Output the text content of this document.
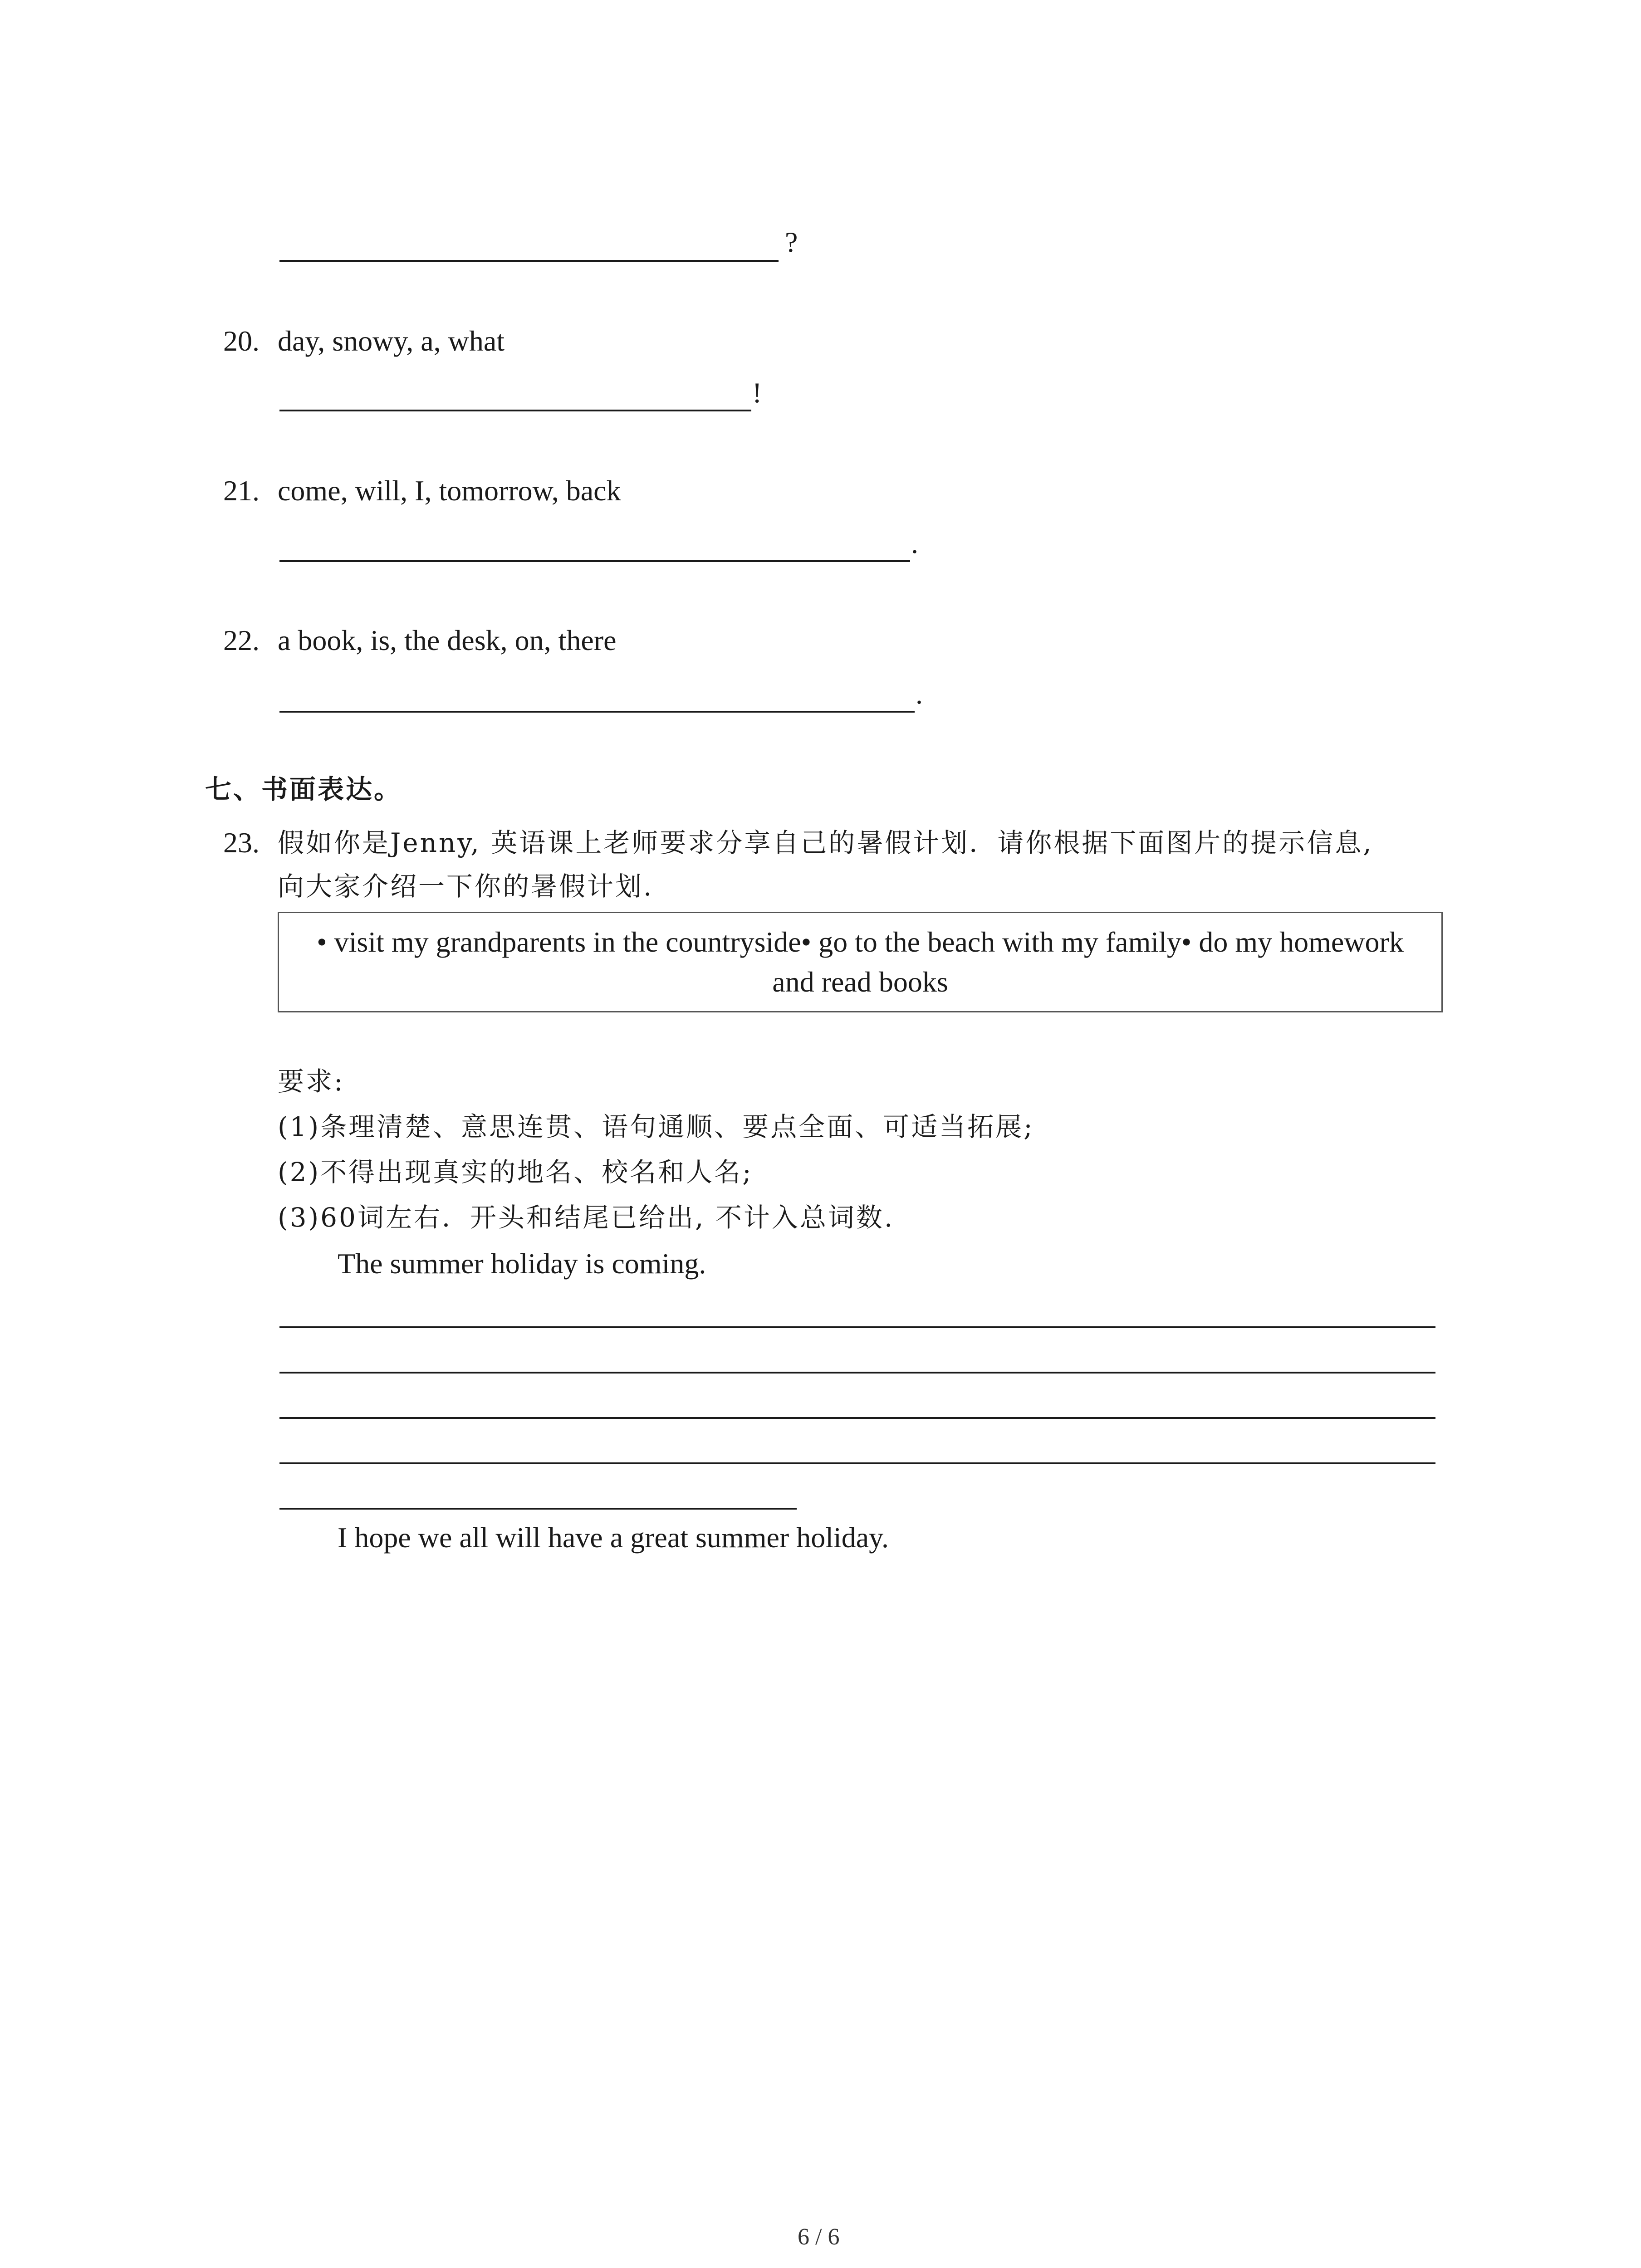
?
20. day, snowy, a, what
!
21. come, will, I, tomorrow, back
.
22. a book, is, the desk, on, there
.
七、书面表达。
23. 假如你是Jenny, 英语课上老师要求分享自己的暑假计划．请你根据下面图片的提示信息,
向大家介绍一下你的暑假计划.
• visit my grandparents in the countryside• go to the beach with my family• do my homework and read books
要求:
(1)条理清楚、意思连贯、语句通顺、要点全面、可适当拓展;
(2)不得出现真实的地名、校名和人名;
(3)60词左右．开头和结尾已给出, 不计入总词数.
The summer holiday is coming.
I hope we all will have a great summer holiday.
6 / 6
